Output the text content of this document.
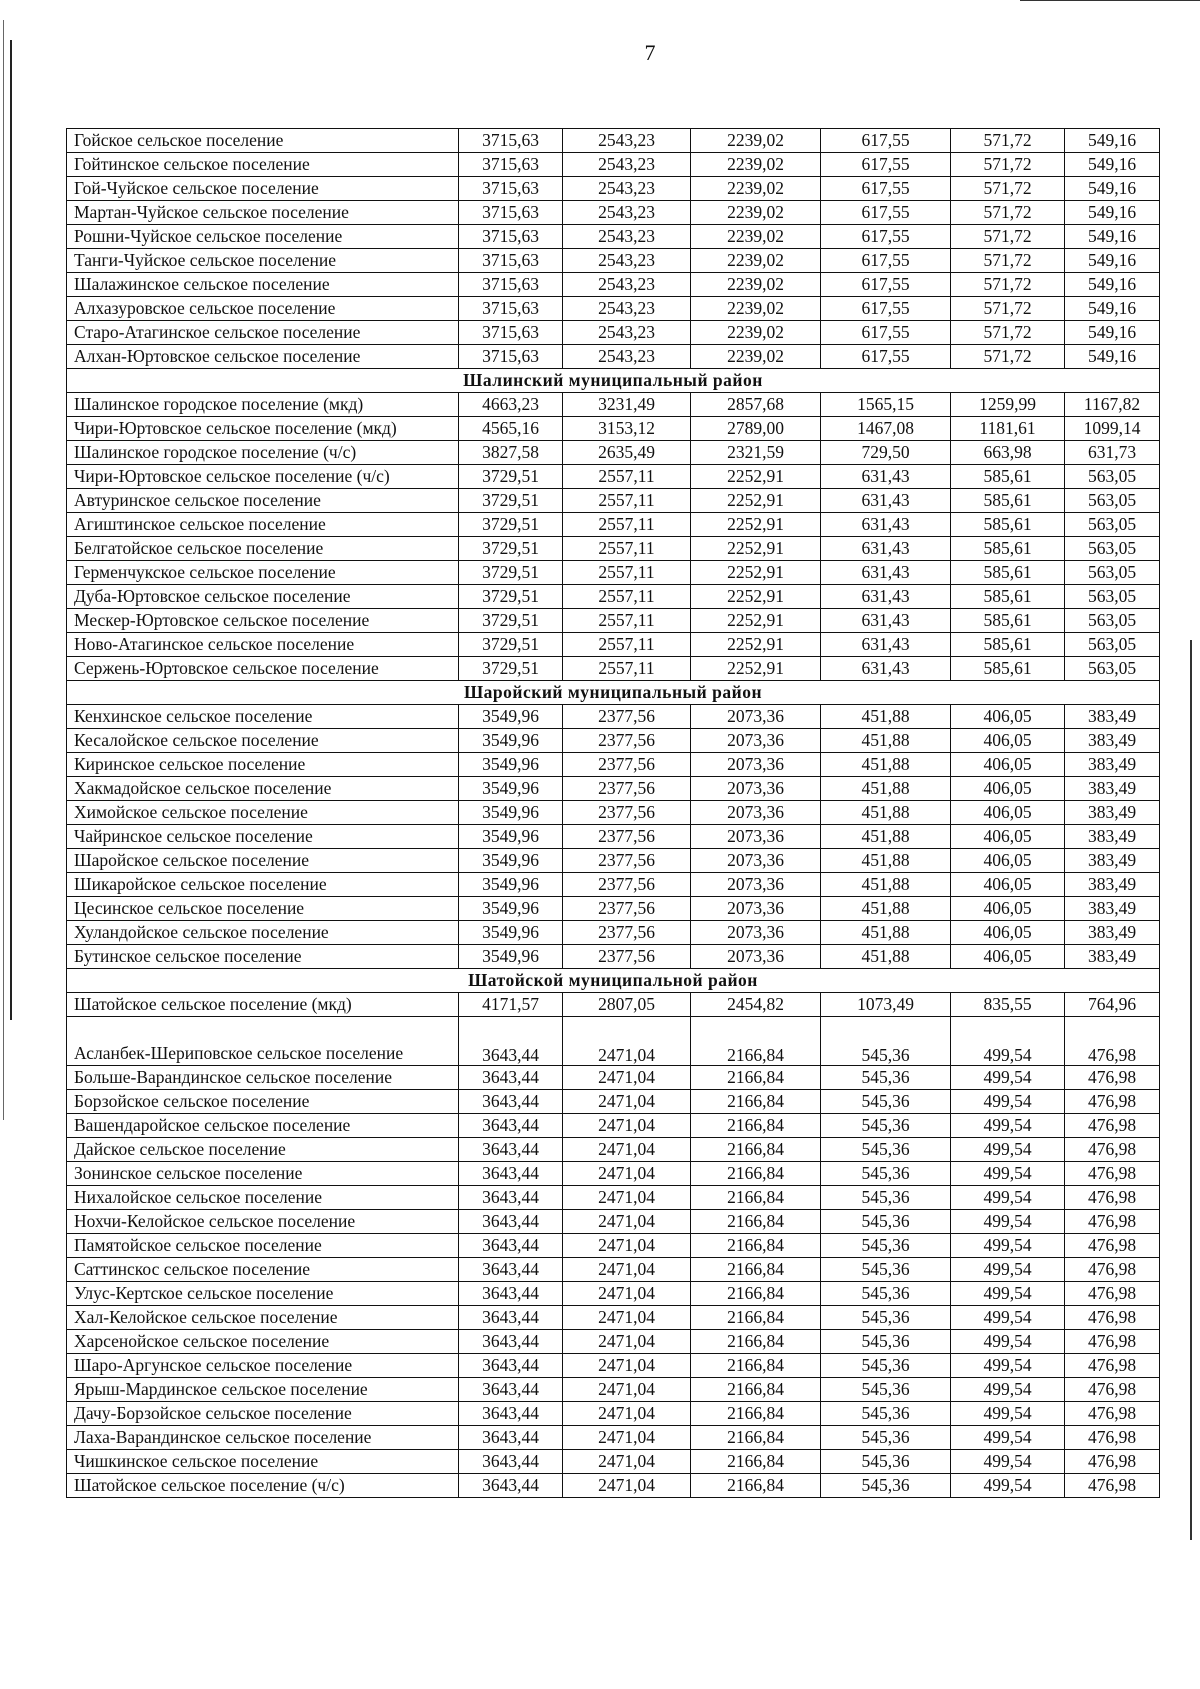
7
Гойское сельское поселение	3715,63	2543,23	2239,02	617,55	571,72	549,16
Гойтинское сельское поселение	3715,63	2543,23	2239,02	617,55	571,72	549,16
Гой-Чуйское сельское поселение	3715,63	2543,23	2239,02	617,55	571,72	549,16
Мартан-Чуйское сельское поселение	3715,63	2543,23	2239,02	617,55	571,72	549,16
Рошни-Чуйское сельское поселение	3715,63	2543,23	2239,02	617,55	571,72	549,16
Танги-Чуйское сельское поселение	3715,63	2543,23	2239,02	617,55	571,72	549,16
Шалажинское сельское поселение	3715,63	2543,23	2239,02	617,55	571,72	549,16
Алхазуровское сельское поселение	3715,63	2543,23	2239,02	617,55	571,72	549,16
Старо-Атагинское сельское поселение	3715,63	2543,23	2239,02	617,55	571,72	549,16
Алхан-Юртовское сельское поселение	3715,63	2543,23	2239,02	617,55	571,72	549,16
Шалинский муниципальный район						
Шалинское городское поселение (мкд)	4663,23	3231,49	2857,68	1565,15	1259,99	1167,82
Чири-Юртовское сельское поселение (мкд)	4565,16	3153,12	2789,00	1467,08	1181,61	1099,14
Шалинское городское поселение (ч/с)	3827,58	2635,49	2321,59	729,50	663,98	631,73
Чири-Юртовское сельское поселение (ч/с)	3729,51	2557,11	2252,91	631,43	585,61	563,05
Автуринское сельское поселение	3729,51	2557,11	2252,91	631,43	585,61	563,05
Агиштинское сельское поселение	3729,51	2557,11	2252,91	631,43	585,61	563,05
Белгатойское сельское поселение	3729,51	2557,11	2252,91	631,43	585,61	563,05
Герменчукское сельское поселение	3729,51	2557,11	2252,91	631,43	585,61	563,05
Дуба-Юртовское сельское поселение	3729,51	2557,11	2252,91	631,43	585,61	563,05
Мескер-Юртовское сельское поселение	3729,51	2557,11	2252,91	631,43	585,61	563,05
Ново-Атагинское сельское поселение	3729,51	2557,11	2252,91	631,43	585,61	563,05
Сержень-Юртовское сельское поселение	3729,51	2557,11	2252,91	631,43	585,61	563,05
Шаройский муниципальный район						
Кенхинское сельское поселение	3549,96	2377,56	2073,36	451,88	406,05	383,49
Кесалойское сельское поселение	3549,96	2377,56	2073,36	451,88	406,05	383,49
Киринское сельское поселение	3549,96	2377,56	2073,36	451,88	406,05	383,49
Хакмадойское сельское поселение	3549,96	2377,56	2073,36	451,88	406,05	383,49
Химойское сельское поселение	3549,96	2377,56	2073,36	451,88	406,05	383,49
Чайринское сельское поселение	3549,96	2377,56	2073,36	451,88	406,05	383,49
Шаройское сельское поселение	3549,96	2377,56	2073,36	451,88	406,05	383,49
Шикаройское сельское поселение	3549,96	2377,56	2073,36	451,88	406,05	383,49
Цесинское сельское поселение	3549,96	2377,56	2073,36	451,88	406,05	383,49
Хуландойское сельское поселение	3549,96	2377,56	2073,36	451,88	406,05	383,49
Бутинское сельское поселение	3549,96	2377,56	2073,36	451,88	406,05	383,49
Шатойской муниципальной район						
Шатойское сельское поселение (мкд)	4171,57	2807,05	2454,82	1073,49	835,55	764,96
Асланбек-Шериповское сельское поселение	3643,44	2471,04	2166,84	545,36	499,54	476,98
Больше-Варандинское сельское поселение	3643,44	2471,04	2166,84	545,36	499,54	476,98
Борзойское сельское поселение	3643,44	2471,04	2166,84	545,36	499,54	476,98
Вашендаройское сельское поселение	3643,44	2471,04	2166,84	545,36	499,54	476,98
Дайское сельское поселение	3643,44	2471,04	2166,84	545,36	499,54	476,98
Зонинское сельское поселение	3643,44	2471,04	2166,84	545,36	499,54	476,98
Нихалойское сельское поселение	3643,44	2471,04	2166,84	545,36	499,54	476,98
Нохчи-Келойское сельское поселение	3643,44	2471,04	2166,84	545,36	499,54	476,98
Памятойское сельское поселение	3643,44	2471,04	2166,84	545,36	499,54	476,98
Саттинскос сельское поселение	3643,44	2471,04	2166,84	545,36	499,54	476,98
Улус-Кертское сельское поселение	3643,44	2471,04	2166,84	545,36	499,54	476,98
Хал-Келойское сельское поселение	3643,44	2471,04	2166,84	545,36	499,54	476,98
Харсенойское сельское поселение	3643,44	2471,04	2166,84	545,36	499,54	476,98
Шаро-Аргунское сельское поселение	3643,44	2471,04	2166,84	545,36	499,54	476,98
Ярыш-Мардинское сельское поселение	3643,44	2471,04	2166,84	545,36	499,54	476,98
Дачу-Борзойское сельское поселение	3643,44	2471,04	2166,84	545,36	499,54	476,98
Лаха-Варандинское сельское поселение	3643,44	2471,04	2166,84	545,36	499,54	476,98
Чишкинское сельское поселение	3643,44	2471,04	2166,84	545,36	499,54	476,98
Шатойское сельское поселение (ч/с)	3643,44	2471,04	2166,84	545,36	499,54	476,98
